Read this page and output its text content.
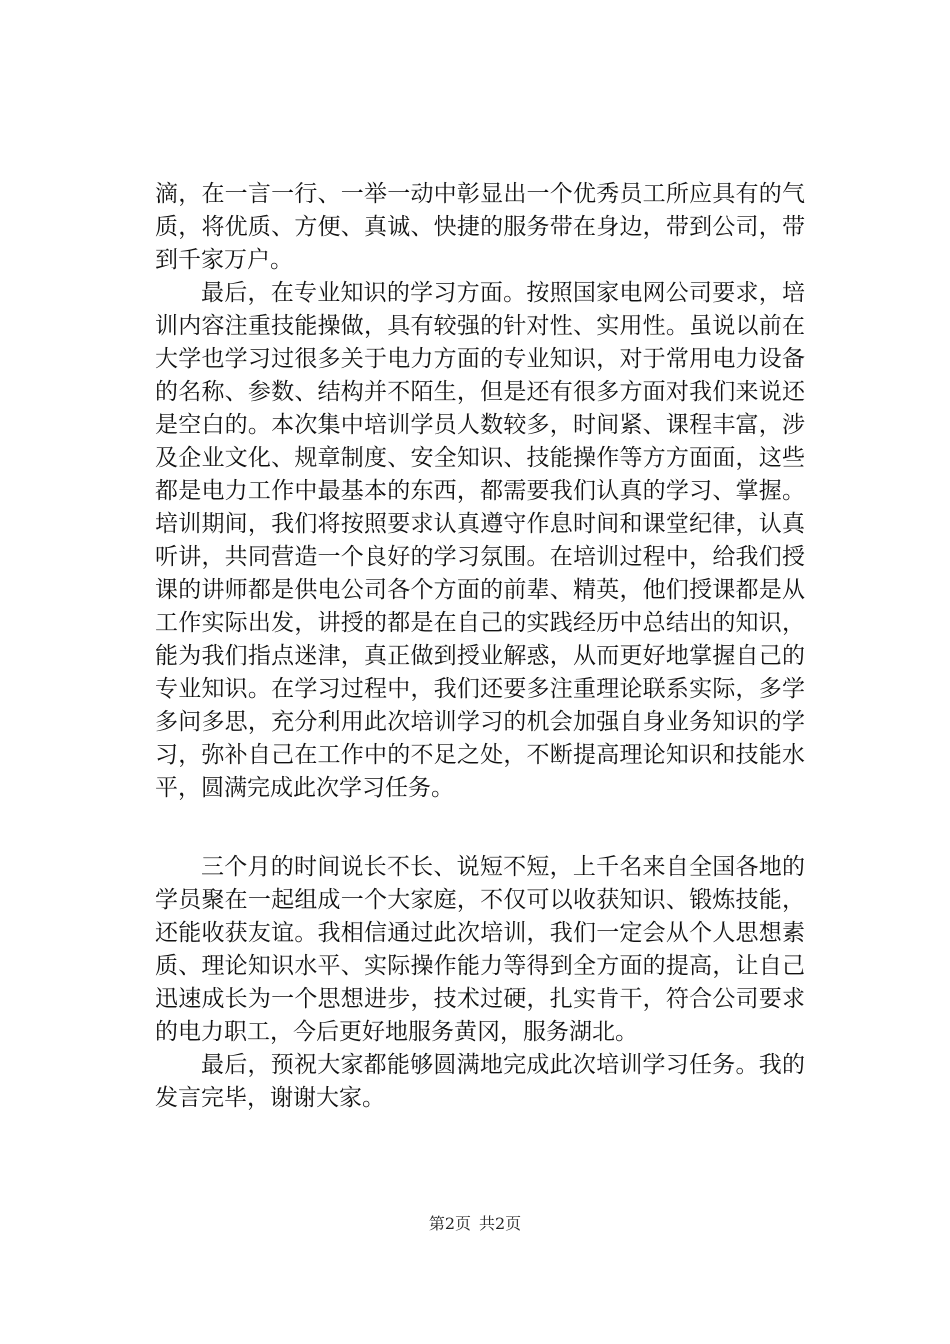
滴，在一言一行、一举一动中彰显出一个优秀员工所应具有的气质，将优质、方便、真诚、快捷的服务带在身边，带到公司，带到千家万户。

最后，在专业知识的学习方面。按照国家电网公司要求，培训内容注重技能操做，具有较强的针对性、实用性。虽说以前在大学也学习过很多关于电力方面的专业知识，对于常用电力设备的名称、参数、结构并不陌生，但是还有很多方面对我们来说还是空白的。本次集中培训学员人数较多，时间紧、课程丰富，涉及企业文化、规章制度、安全知识、技能操作等方方面面，这些都是电力工作中最基本的东西，都需要我们认真的学习、掌握。培训期间，我们将按照要求认真遵守作息时间和课堂纪律，认真听讲，共同营造一个良好的学习氛围。在培训过程中，给我们授课的讲师都是供电公司各个方面的前辈、精英，他们授课都是从工作实际出发，讲授的都是在自己的实践经历中总结出的知识，能为我们指点迷津，真正做到授业解惑，从而更好地掌握自己的专业知识。在学习过程中，我们还要多注重理论联系实际，多学多问多思，充分利用此次培训学习的机会加强自身业务知识的学习，弥补自己在工作中的不足之处，不断提高理论知识和技能水平，圆满完成此次学习任务。

三个月的时间说长不长、说短不短，上千名来自全国各地的学员聚在一起组成一个大家庭，不仅可以收获知识、锻炼技能，还能收获友谊。我相信通过此次培训，我们一定会从个人思想素质、理论知识水平、实际操作能力等得到全方面的提高，让自己迅速成长为一个思想进步，技术过硬，扎实肯干，符合公司要求的电力职工，今后更好地服务黄冈，服务湖北。

最后，预祝大家都能够圆满地完成此次培训学习任务。我的发言完毕，谢谢大家。

第2页 共2页
